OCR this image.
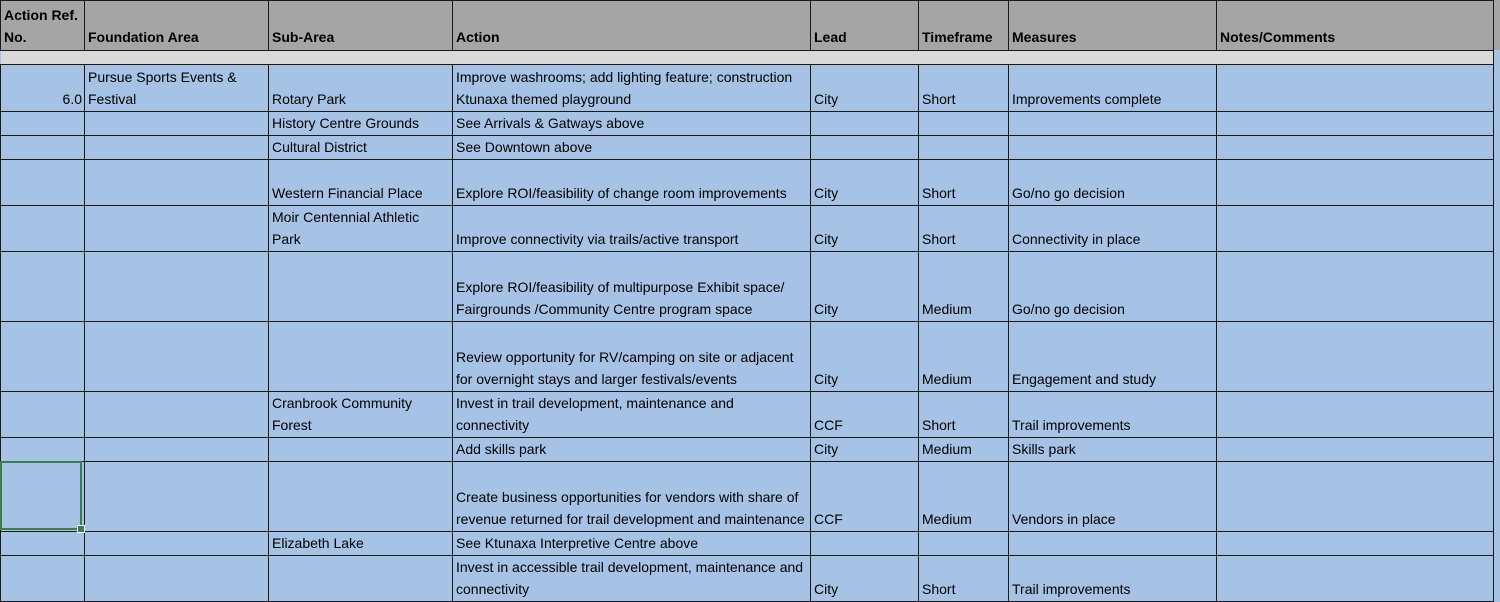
Action Ref. No.	Foundation Area	Sub-Area	Action	Lead	Timeframe	Measures	Notes/Comments

6.0	Pursue Sports Events & Festival	Rotary Park	Improve washrooms; add lighting feature; construction Ktunaxa themed playground	City	Short	Improvements complete	
		History Centre Grounds	See Arrivals & Gatways above				
		Cultural District	See Downtown above				
		Western Financial Place	Explore ROI/feasibility of change room improvements	City	Short	Go/no go decision	
		Moir Centennial Athletic Park	Improve connectivity via trails/active transport	City	Short	Connectivity in place	
			Explore ROI/feasibility of multipurpose Exhibit space/ Fairgrounds /Community Centre program space	City	Medium	Go/no go decision	
			Review opportunity for RV/camping on site or adjacent for overnight stays and larger festivals/events	City	Medium	Engagement and study	
		Cranbrook Community Forest	Invest in trail development, maintenance and connectivity	CCF	Short	Trail improvements	
			Add skills park	City	Medium	Skills park	
			Create business opportunities for vendors with share of revenue returned for trail development and maintenance	CCF	Medium	Vendors in place	
		Elizabeth Lake	See Ktunaxa Interpretive Centre above				
			Invest in accessible trail development, maintenance and connectivity	City	Short	Trail improvements	
